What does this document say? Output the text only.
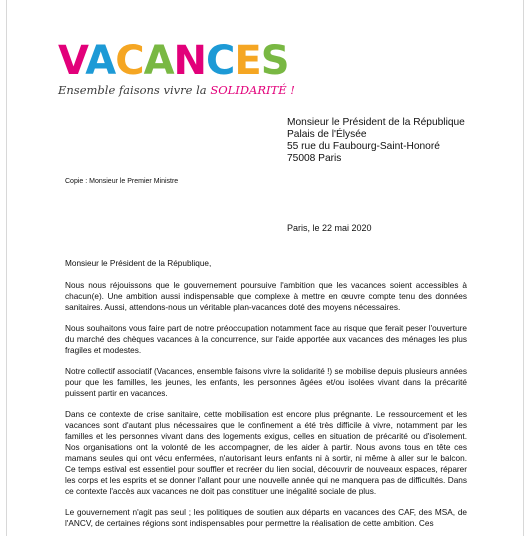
VACANCES
Ensemble faisons vivre la SOLIDARITÉ !
Monsieur le Président de la République
Palais de l'Élysée
55 rue du Faubourg-Saint-Honoré
75008 Paris
Copie : Monsieur le Premier Ministre
Paris, le 22 mai 2020

Monsieur le Président de la République,

Nous nous réjouissons que le gouvernement poursuive l'ambition que les vacances soient accessibles à chacun(e). Une ambition aussi indispensable que complexe à mettre en œuvre compte tenu des données sanitaires. Aussi, attendons-nous un véritable plan-vacances doté des moyens nécessaires.

Nous souhaitons vous faire part de notre préoccupation notamment face au risque que ferait peser l'ouverture du marché des chèques vacances à la concurrence, sur l'aide apportée aux vacances des ménages les plus fragiles et modestes.

Notre collectif associatif (Vacances, ensemble faisons vivre la solidarité !) se mobilise depuis plusieurs années pour que les familles, les jeunes, les enfants, les personnes âgées et/ou isolées vivant dans la précarité puissent partir en vacances.

Dans ce contexte de crise sanitaire, cette mobilisation est encore plus prégnante. Le ressourcement et les vacances sont d'autant plus nécessaires que le confinement a été très difficile à vivre, notamment par les familles et les personnes vivant dans des logements exigus, celles en situation de précarité ou d'isolement. Nos organisations ont la volonté de les accompagner, de les aider à partir. Nous avons tous en tête ces mamans seules qui ont vécu enfermées, n'autorisant leurs enfants ni à sortir, ni même à aller sur le balcon. Ce temps estival est essentiel pour souffler et recréer du lien social, découvrir de nouveaux espaces, réparer les corps et les esprits et se donner l'allant pour une nouvelle année qui ne manquera pas de difficultés. Dans ce contexte l'accès aux vacances ne doit pas constituer une inégalité sociale de plus.

Le gouvernement n'agit pas seul ; les politiques de soutien aux départs en vacances des CAF, des MSA, de l'ANCV, de certaines régions sont indispensables pour permettre la réalisation de cette ambition. Ces
